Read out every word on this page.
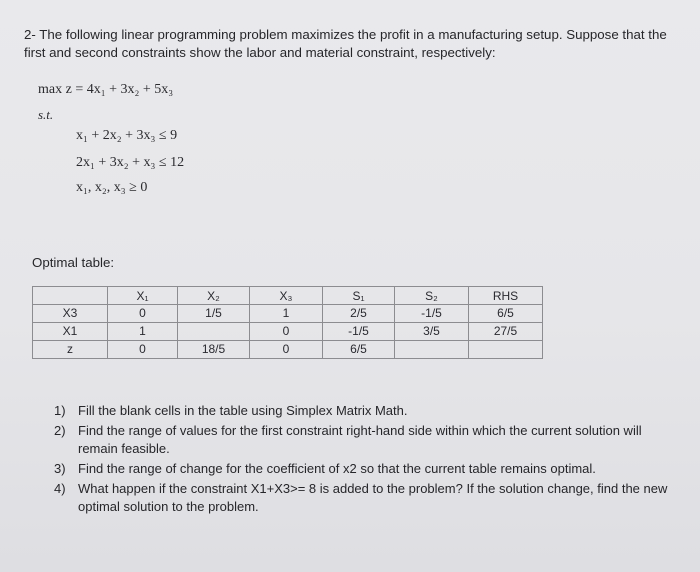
2- The following linear programming problem maximizes the profit in a manufacturing setup. Suppose that the first and second constraints show the labor and material constraint, respectively:
max z = 4x₁ + 3x₂ + 5x₃
s.t.
x₁ + 2x₂ + 3x₃ ≤ 9
2x₁ + 3x₂ + x₃ ≤ 12
x₁, x₂, x₃ ≥ 0
Optimal table:
	X₁	X₂	X₃	S₁	S₂	RHS
X3	0	1/5	1	2/5	-1/5	6/5
X1	1		0	-1/5	3/5	27/5
z	0	18/5	0	6/5		
1) Fill the blank cells in the table using Simplex Matrix Math.
2) Find the range of values for the first constraint right-hand side within which the current solution will remain feasible.
3) Find the range of change for the coefficient of x2 so that the current table remains optimal.
4) What happen if the constraint X1+X3>= 8 is added to the problem? If the solution change, find the new optimal solution to the problem.
